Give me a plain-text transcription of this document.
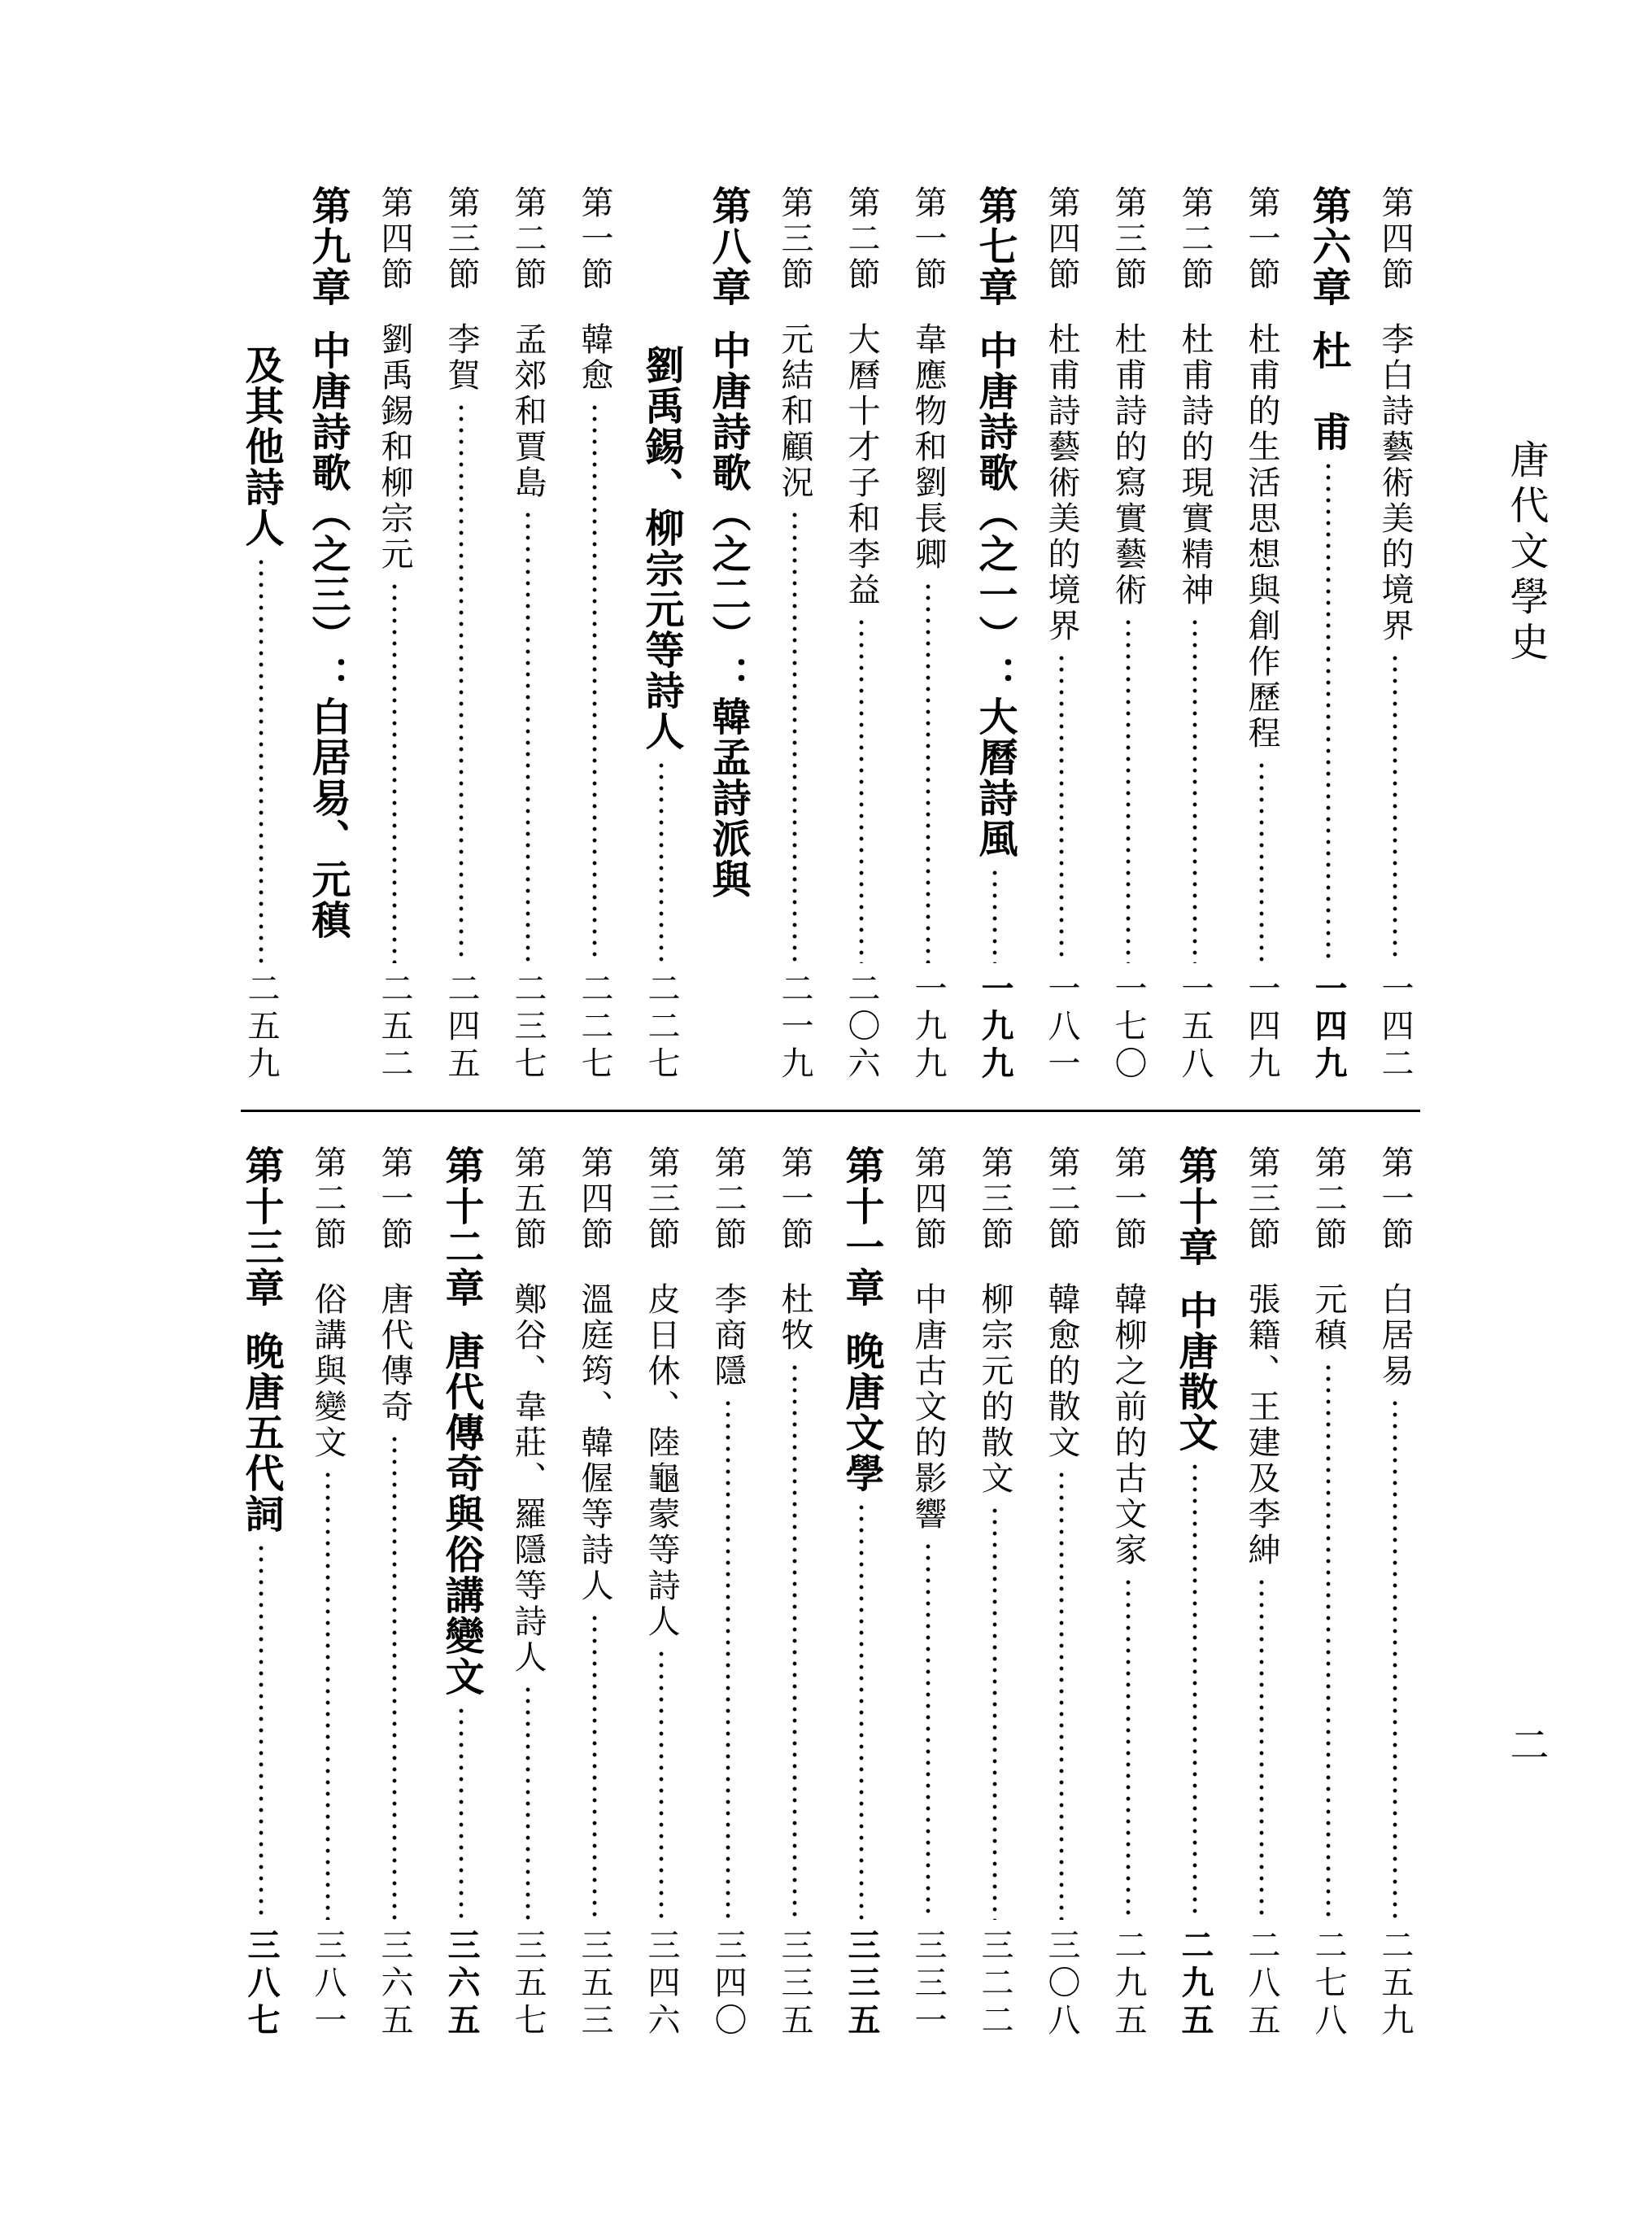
唐代文學史
二
第四節
李白詩藝術美的境界
一四二
第六章
杜　甫
一四九
第一節
杜甫的生活思想與創作歷程
一四九
第二節
杜甫詩的現實精神
一五八
第三節
杜甫詩的寫實藝術
一七〇
第四節
杜甫詩藝術美的境界
一八一
第七章
中唐詩歌（之一）：大曆詩風
一九九
第一節
韋應物和劉長卿
一九九
第二節
大曆十才子和李益
二〇六
第三節
元結和顧況
二一九
第八章
中唐詩歌（之二）：韓孟詩派與
劉禹錫、柳宗元等詩人
二二七
第一節
韓愈
二二七
第二節
孟郊和賈島
二三七
第三節
李賀
二四五
第四節
劉禹錫和柳宗元
二五二
第九章
中唐詩歌（之三）：白居易、元稹
及其他詩人
二五九
第一節
白居易
二五九
第二節
元稹
二七八
第三節
張籍、王建及李紳
二八五
第十章
中唐散文
二九五
第一節
韓柳之前的古文家
二九五
第二節
韓愈的散文
三〇八
第三節
柳宗元的散文
三二二
第四節
中唐古文的影響
三三一
第十一章
晚唐文學
三三五
第一節
杜牧
三三五
第二節
李商隱
三四〇
第三節
皮日休、陸龜蒙等詩人
三四六
第四節
溫庭筠、韓偓等詩人
三五三
第五節
鄭谷、韋莊、羅隱等詩人
三五七
第十二章
唐代傳奇與俗講變文
三六五
第一節
唐代傳奇
三六五
第二節
俗講與變文
三八一
第十三章
晚唐五代詞
三八七
